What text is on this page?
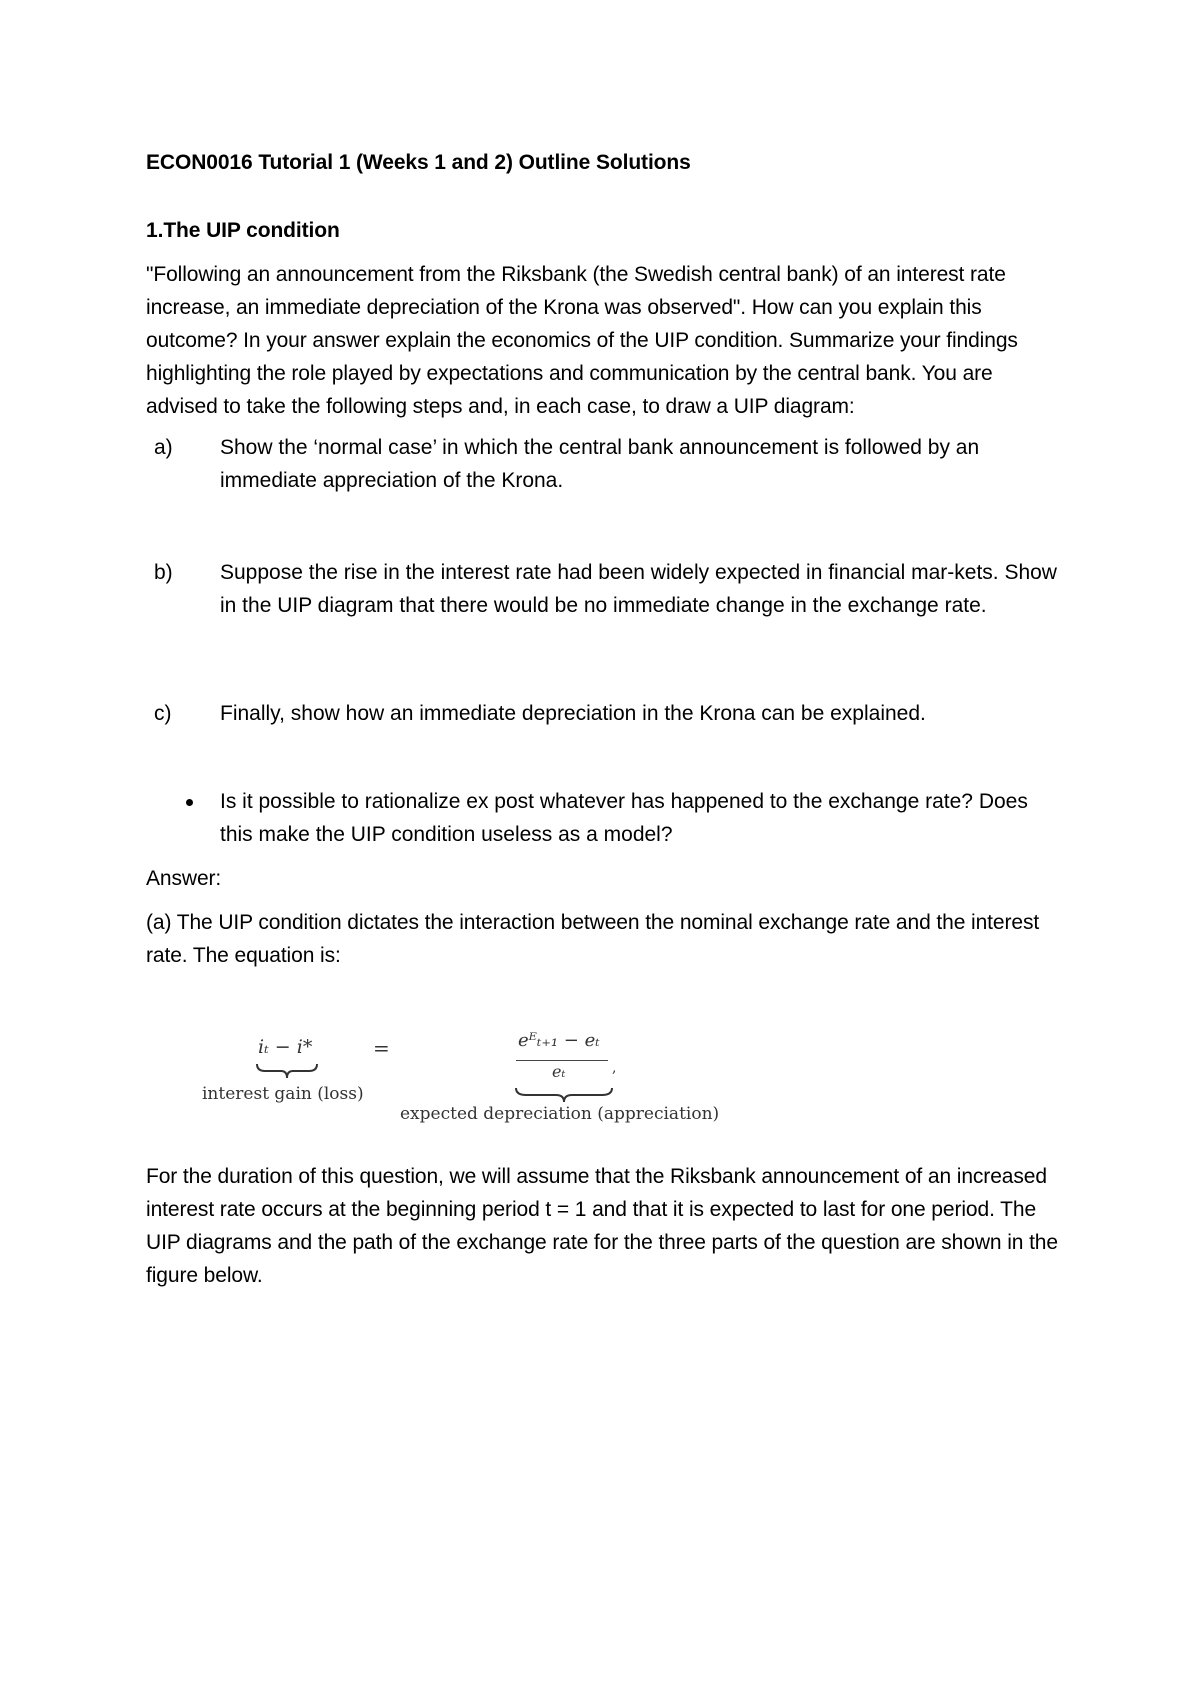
ECON0016 Tutorial 1 (Weeks 1 and 2) Outline Solutions
1.The UIP condition
"Following an announcement from the Riksbank (the Swedish central bank) of an interest rate increase, an immediate depreciation of the Krona was observed". How can you explain this outcome? In your answer explain the economics of the UIP condition. Summarize your findings highlighting the role played by expectations and communication by the central bank. You are advised to take the following steps and, in each case, to draw a UIP diagram:
a)	Show the ‘normal case’ in which the central bank announcement is followed by an immediate appreciation of the Krona.
b)	Suppose the rise in the interest rate had been widely expected in financial mar-kets. Show in the UIP diagram that there would be no immediate change in the exchange rate.
c)	Finally, show how an immediate depreciation in the Krona can be explained.
Is it possible to rationalize ex post whatever has happened to the exchange rate? Does this make the UIP condition useless as a model?
Answer:
(a) The UIP condition dictates the interaction between the nominal exchange rate and the interest rate. The equation is:
iₜ − i*
interest gain (loss)
=	eᴱₜ₊₁ − eₜ
eₜ	,
expected depreciation (appreciation)
For the duration of this question, we will assume that the Riksbank announcement of an increased interest rate occurs at the beginning period t = 1 and that it is expected to last for one period. The UIP diagrams and the path of the exchange rate for the three parts of the question are shown in the figure below.
